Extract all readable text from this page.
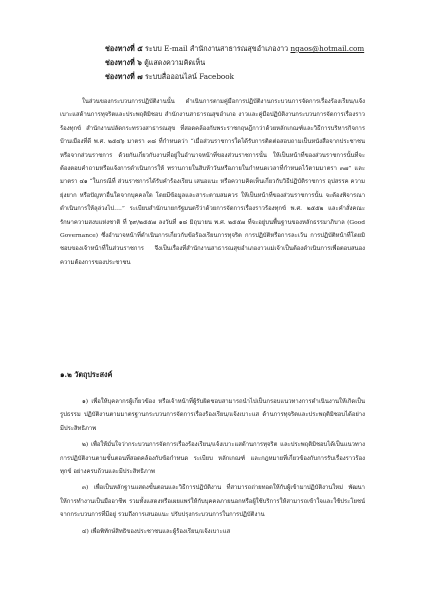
ช่องทางที่ ๕ ระบบ E-mail สำนักงานสาธารณสุขอำเภองาว ngaos@hotmail.com
ช่องทางที่ ๖ ตู้แสดงความคิดเห็น
ช่องทางที่ ๗ ระบบสื่อออนไลน์ Facebook

ในส่วนของกระบวนการปฏิบัติงานนั้น ดำเนินการตามคู่มือการปฏิบัติงานกระบวนการจัดการเรื่องร้องเรียน/แจ้งเบาะแสด้านการทุจริตและประพฤติมิชอบ สำนักงานสาธารณสุขอำเภอ งาวและคู่มือปฏิบัติงานกระบวนการจัดการเรื่องราวร้องทุกข์ สำนักงานปลัดกระทรวงสาธารณสุข ที่สอดคล้องกับพระราชกฤษฎีกาว่าด้วยหลักเกณฑ์และวิธีการบริหารกิจการบ้านเมืองที่ดี พ.ศ. ๒๕๔๖ มาตรา ๓๘ ที่กำหนดว่า “เมื่อส่วนราชการใดได้รับการติดต่อสอบถามเป็นหนังสือจากประชาชน หรือจากส่วนราชการ ด้วยกันเกี่ยวกับงานที่อยู่ในอำนาจหน้าที่ของส่วนราชการนั้น ให้เป็นหน้าที่ของส่วนราชการนั้นที่จะต้องตอบคำถามหรือแจ้งการดำเนินการให้ ทราบภายในสิบห้าวันหรือภายในกำหนดเวลาที่กำหนดไว้ตามมาตรา ๓๗” และ มาตรา ๔๑ “ในกรณีที่ ส่วนราชการได้รับคำร้องเรียน เสนอแนะ หรือความคิดเห็นเกี่ยวกับวิธีปฏิบัติราชการ อุปสรรค ความยุ่งยาก หรือปัญหาอื่นใดจากบุคคลใด โดยมีข้อมูลและสาระตามสมควร ให้เป็นหน้าที่ของส่วนราชการนั้น จะต้องพิจารณาดำเนินการให้ลุล่วงไป….” ระเบียบสำนักนายกรัฐมนตรีว่าด้วยการจัดการเรื่องราวร้องทุกข์ พ.ศ. ๒๕๕๒ และคำสั่งคณะรักษาความสงบแห่งชาติ ที่ ๖๙/๒๕๕๗ ลงวันที่ ๑๘ มิถุนายน พ.ศ. ๒๕๕๗ ที่จะอยู่บนพื้นฐานของหลักธรรมาภิบาล (Good Governance) ซึ่งอำนาจหน้าที่ดำเนินการเกี่ยวกับข้อร้องเรียนการทุจริต การปฏิบัติหรือการละเว้น การปฏิบัติหน้าที่โดยมิชอบของเจ้าหน้าที่ในส่วนราชการ จึงเป็นเรื่องที่สำนักงานสาธารณสุขอำเภองาวแม่เจ้าเป็นต้องดำเนินการเพื่อตอบสนองความต้องการของประชาชน

๑.๒ วัตถุประสงค์

๑) เพื่อให้บุคลากรผู้เกี่ยวข้อง หรือเจ้าหน้าที่ผู้รับผิดชอบสามารถนำไปเป็นกรอบแนวทางการดำเนินงานให้เกิดเป็นรูปธรรม ปฏิบัติงานตามมาตรฐานกระบวนการจัดการเรื่องร้องเรียน/แจ้งเบาะแส ด้านการทุจริตและประพฤติมิชอบได้อย่างมีประสิทธิภาพ

๒) เพื่อให้มั่นใจว่ากระบวนการจัดการเรื่องร้องเรียน/แจ้งเบาะแสด้านการทุจริต และประพฤติมิชอบได้เป็นแนวทางการปฏิบัติงานตามขั้นตอนที่สอดคล้องกับข้อกำหนด ระเบียบ หลักเกณฑ์ และกฎหมายที่เกี่ยวข้องกับการรับเรื่องราวร้องทุกข์ อย่างครบถ้วนและมีประสิทธิภาพ

๓) เพื่อเป็นหลักฐานแสดงขั้นตอนและวิธีการปฏิบัติงาน ที่สามารถถ่ายทอดให้กับผู้เข้ามาปฏิบัติงานใหม่ พัฒนาให้การทำงานเป็นมืออาชีพ รวมทั้งแสดงหรือเผยแพร่ให้กับบุคคลภายนอกหรือผู้ใช้บริการให้สามารถเข้าใจและใช้ประโยชน์จากกระบวนการที่มีอยู่ รวมถึงการเสนอแนะ ปรับปรุงกระบวนการในการปฏิบัติงาน

๔) เพื่อพิทักษ์สิทธิของประชาชนและผู้ร้องเรียน/แจ้งเบาะแส
